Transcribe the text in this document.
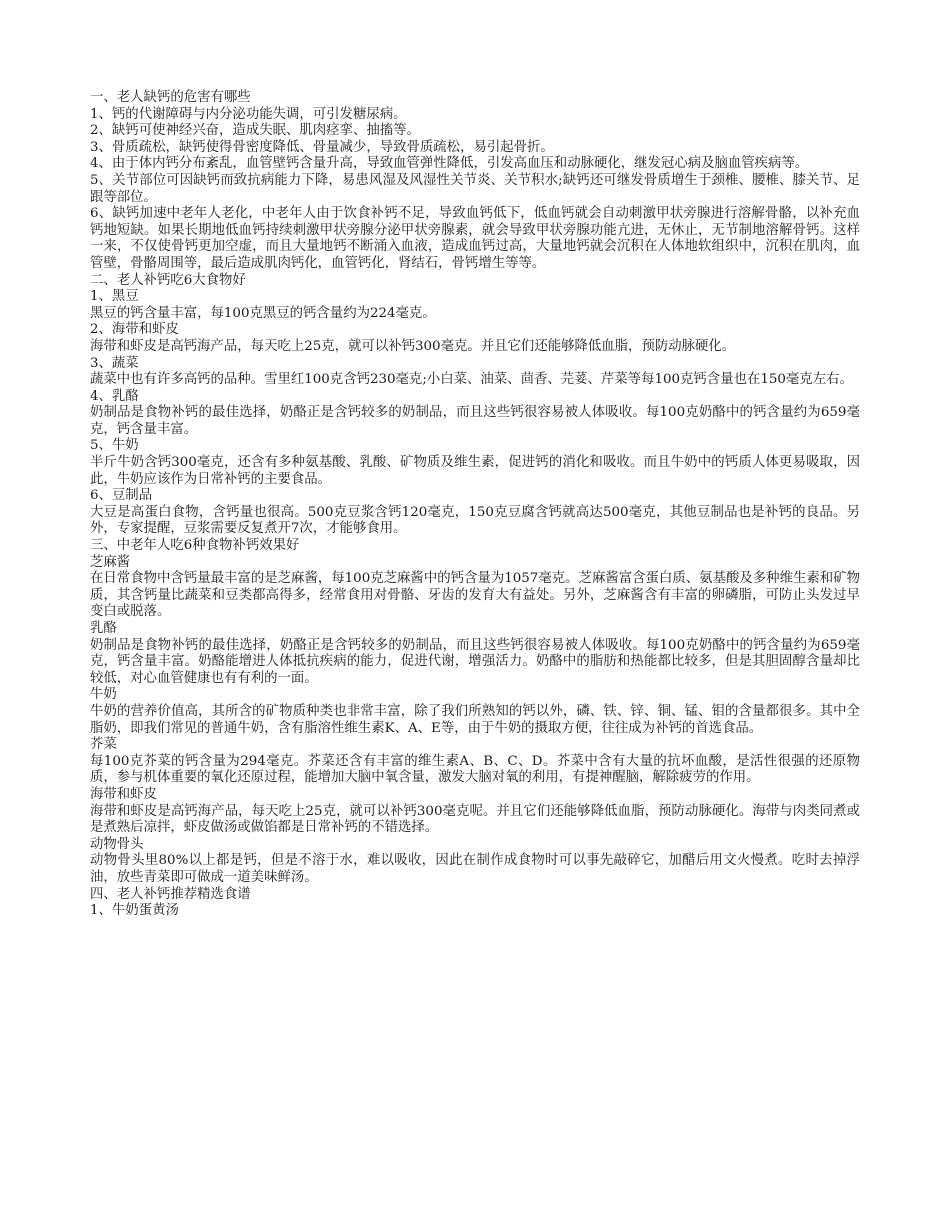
一、老人缺钙的危害有哪些

1、钙的代谢障碍与内分泌功能失调，可引发糖尿病。

2、缺钙可使神经兴奋，造成失眠、肌肉痉挛、抽搐等。

3、骨质疏松，缺钙使得骨密度降低、骨量减少，导致骨质疏松，易引起骨折。

4、由于体内钙分布紊乱，血管壁钙含量升高，导致血管弹性降低，引发高血压和动脉硬化，继发冠心病及脑血管疾病等。

5、关节部位可因缺钙而致抗病能力下降，易患风湿及风湿性关节炎、关节积水;缺钙还可继发骨质增生于颈椎、腰椎、膝关节、足跟等部位。

6、缺钙加速中老年人老化，中老年人由于饮食补钙不足，导致血钙低下，低血钙就会自动刺激甲状旁腺进行溶解骨骼，以补充血钙地短缺。如果长期地低血钙持续刺激甲状旁腺分泌甲状旁腺素，就会导致甲状旁腺功能亢进，无休止，无节制地溶解骨钙。这样一来，不仅使骨钙更加空虚，而且大量地钙不断涌入血液，造成血钙过高，大量地钙就会沉积在人体地软组织中，沉积在肌肉，血管壁，骨骼周围等，最后造成肌肉钙化，血管钙化，肾结石，骨钙增生等等。

二、老人补钙吃6大食物好

1、黑豆

黑豆的钙含量丰富，每100克黑豆的钙含量约为224毫克。

2、海带和虾皮

海带和虾皮是高钙海产品，每天吃上25克，就可以补钙300毫克。并且它们还能够降低血脂，预防动脉硬化。

3、蔬菜

蔬菜中也有许多高钙的品种。雪里红100克含钙230毫克;小白菜、油菜、茴香、芫荽、芹菜等每100克钙含量也在150毫克左右。

4、乳酪

奶制品是食物补钙的最佳选择，奶酪正是含钙较多的奶制品，而且这些钙很容易被人体吸收。每100克奶酪中的钙含量约为659毫克，钙含量丰富。

5、牛奶

半斤牛奶含钙300毫克，还含有多种氨基酸、乳酸、矿物质及维生素，促进钙的消化和吸收。而且牛奶中的钙质人体更易吸取，因此，牛奶应该作为日常补钙的主要食品。

6、豆制品

大豆是高蛋白食物，含钙量也很高。500克豆浆含钙120毫克，150克豆腐含钙就高达500毫克，其他豆制品也是补钙的良品。另外，专家提醒，豆浆需要反复煮开7次，才能够食用。

三、中老年人吃6种食物补钙效果好

芝麻酱

在日常食物中含钙量最丰富的是芝麻酱，每100克芝麻酱中的钙含量为1057毫克。芝麻酱富含蛋白质、氨基酸及多种维生素和矿物质，其含钙量比蔬菜和豆类都高得多，经常食用对骨骼、牙齿的发育大有益处。另外，芝麻酱含有丰富的卵磷脂，可防止头发过早变白或脱落。

乳酪

奶制品是食物补钙的最佳选择，奶酪正是含钙较多的奶制品，而且这些钙很容易被人体吸收。每100克奶酪中的钙含量约为659毫克，钙含量丰富。奶酪能增进人体抵抗疾病的能力，促进代谢，增强活力。奶酪中的脂肪和热能都比较多，但是其胆固醇含量却比较低，对心血管健康也有有利的一面。

牛奶

牛奶的营养价值高，其所含的矿物质种类也非常丰富，除了我们所熟知的钙以外，磷、铁、锌、铜、锰、钼的含量都很多。其中全脂奶，即我们常见的普通牛奶，含有脂溶性维生素K、A、E等，由于牛奶的摄取方便，往往成为补钙的首选食品。

芥菜

每100克芥菜的钙含量为294毫克。芥菜还含有丰富的维生素A、B、C、D。芥菜中含有大量的抗坏血酸，是活性很强的还原物质，参与机体重要的氧化还原过程，能增加大脑中氧含量，激发大脑对氧的利用，有提神醒脑，解除疲劳的作用。

海带和虾皮

海带和虾皮是高钙海产品，每天吃上25克，就可以补钙300毫克呢。并且它们还能够降低血脂，预防动脉硬化。海带与肉类同煮或是煮熟后凉拌，虾皮做汤或做馅都是日常补钙的不错选择。

动物骨头

动物骨头里80%以上都是钙，但是不溶于水，难以吸收，因此在制作成食物时可以事先敲碎它，加醋后用文火慢煮。吃时去掉浮油，放些青菜即可做成一道美味鲜汤。

四、老人补钙推荐精选食谱

1、牛奶蛋黄汤
